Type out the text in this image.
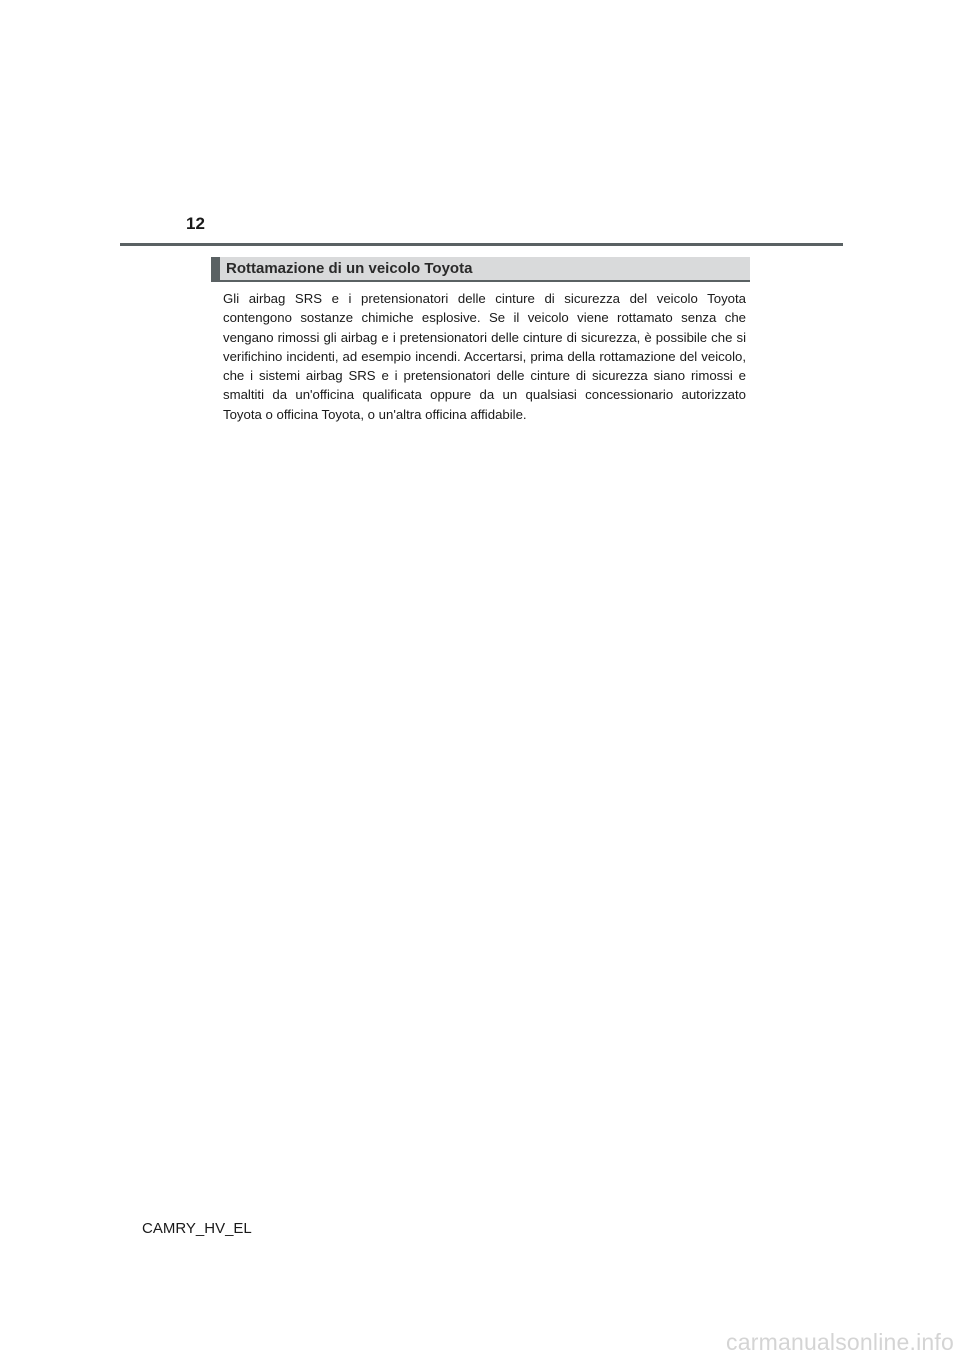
12
Rottamazione di un veicolo Toyota

Gli airbag SRS e i pretensionatori delle cinture di sicurezza del veicolo Toyota contengono sostanze chimiche esplosive. Se il veicolo viene rottamato senza che vengano rimossi gli airbag e i pretensionatori delle cinture di sicurezza, è possibile che si verifichino incidenti, ad esempio incendi. Accertarsi, prima della rottamazione del veicolo, che i sistemi airbag SRS e i pretensionatori delle cinture di sicurezza siano rimossi e smaltiti da un'officina qualificata oppure da un qualsiasi concessionario autorizzato Toyota o officina Toyota, o un'altra officina affidabile.

CAMRY_HV_EL
carmanualsonline.info
